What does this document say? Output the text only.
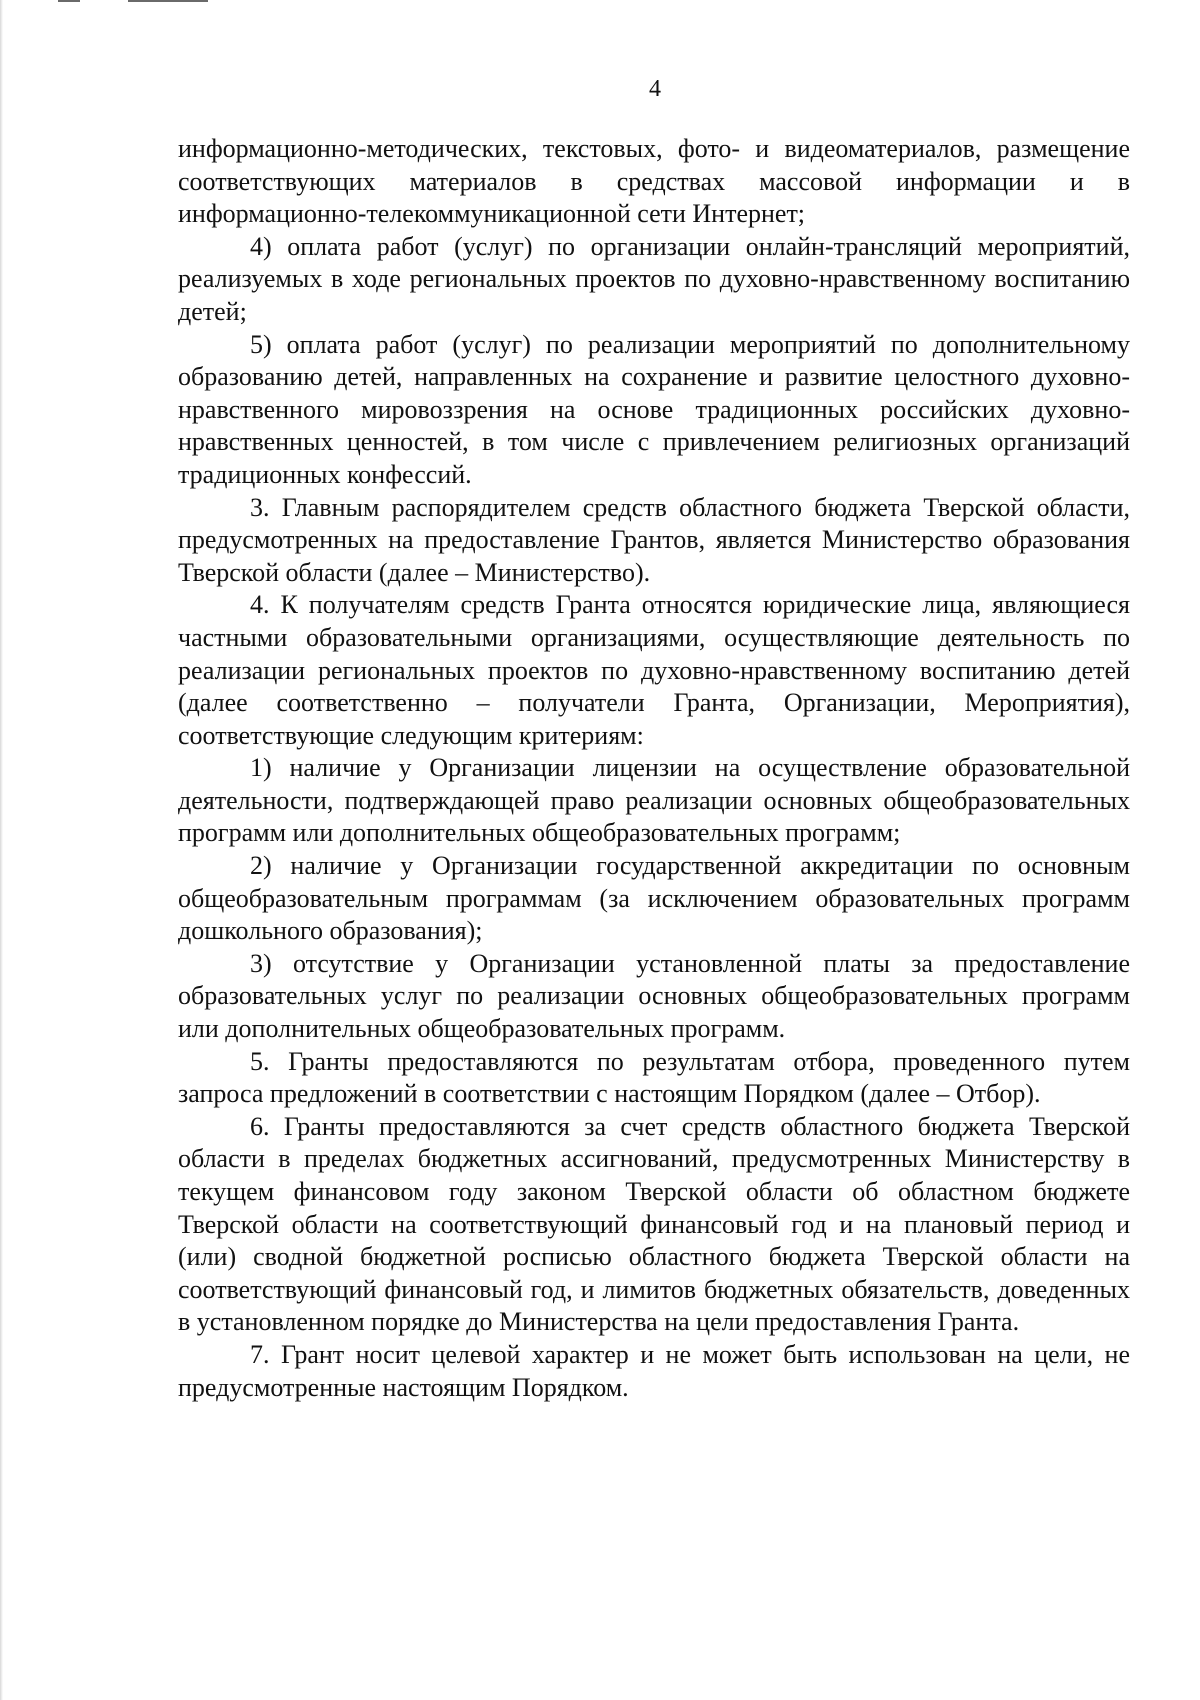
4

информационно-методических, текстовых, фото- и видеоматериалов, размещение соответствующих материалов в средствах массовой информации и в информационно-телекоммуникационной сети Интернет;

4) оплата работ (услуг) по организации онлайн-трансляций мероприятий, реализуемых в ходе региональных проектов по духовно-нравственному воспитанию детей;

5) оплата работ (услуг) по реализации мероприятий по дополнительному образованию детей, направленных на сохранение и развитие целостного духовно-нравственного мировоззрения на основе традиционных российских духовно-нравственных ценностей, в том числе с привлечением религиозных организаций традиционных конфессий.

3. Главным распорядителем средств областного бюджета Тверской области, предусмотренных на предоставление Грантов, является Министерство образования Тверской области (далее – Министерство).

4. К получателям средств Гранта относятся юридические лица, являющиеся частными образовательными организациями, осуществляющие деятельность по реализации региональных проектов по духовно-нравственному воспитанию детей (далее соответственно – получатели Гранта, Организации, Мероприятия), соответствующие следующим критериям:

1) наличие у Организации лицензии на осуществление образовательной деятельности, подтверждающей право реализации основных общеобразовательных программ или дополнительных общеобразовательных программ;

2) наличие у Организации государственной аккредитации по основным общеобразовательным программам (за исключением образовательных программ дошкольного образования);

3) отсутствие у Организации установленной платы за предоставление образовательных услуг по реализации основных общеобразовательных программ или дополнительных общеобразовательных программ.

5. Гранты предоставляются по результатам отбора, проведенного путем запроса предложений в соответствии с настоящим Порядком (далее – Отбор).

6. Гранты предоставляются за счет средств областного бюджета Тверской области в пределах бюджетных ассигнований, предусмотренных Министерству в текущем финансовом году законом Тверской области об областном бюджете Тверской области на соответствующий финансовый год и на плановый период и (или) сводной бюджетной росписью областного бюджета Тверской области на соответствующий финансовый год, и лимитов бюджетных обязательств, доведенных в установленном порядке до Министерства на цели предоставления Гранта.

7. Грант носит целевой характер и не может быть использован на цели, не предусмотренные настоящим Порядком.
